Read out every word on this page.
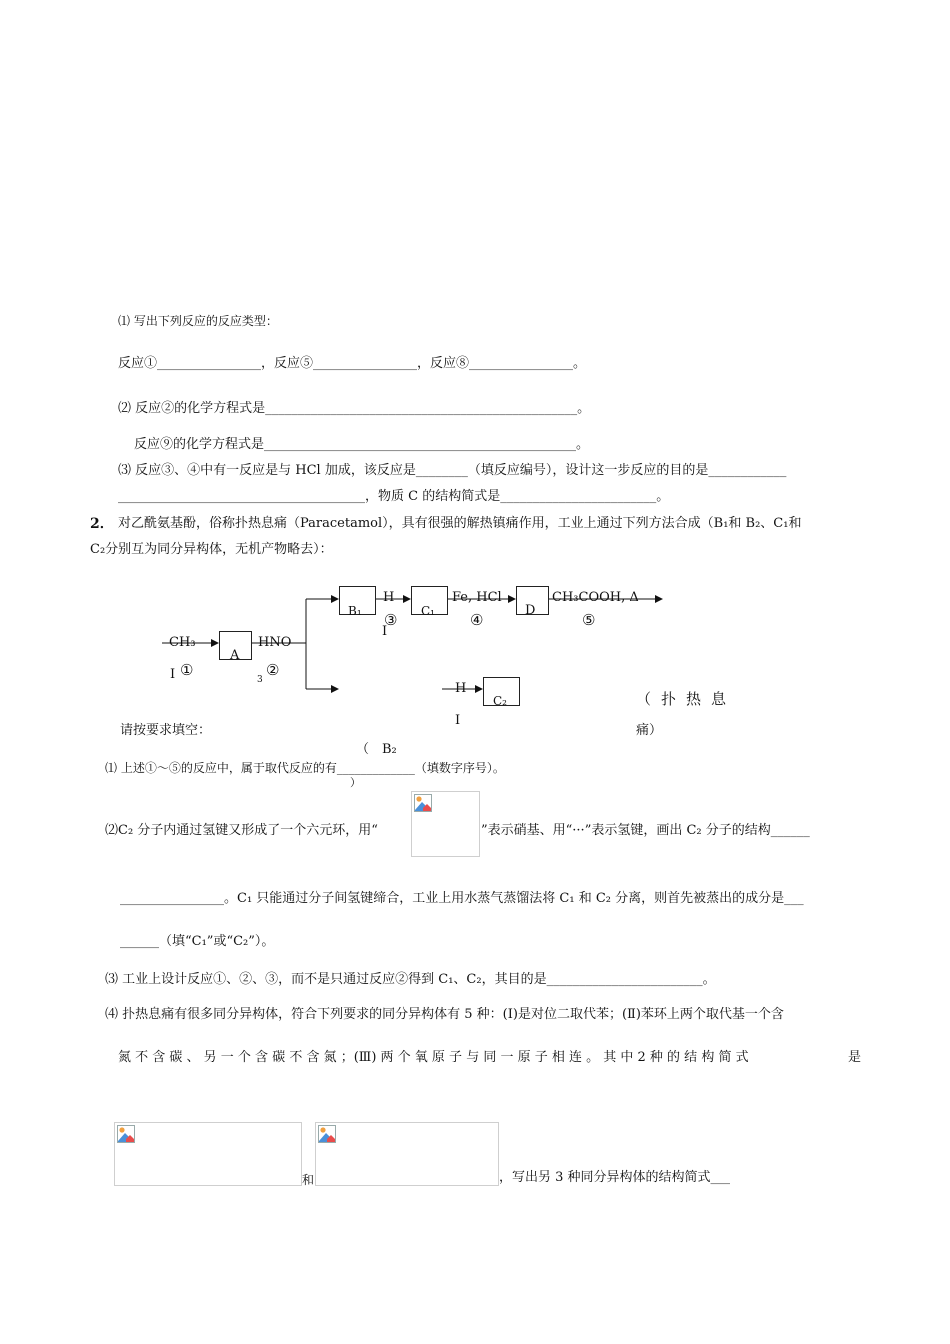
⑴ 写出下列反应的反应类型：
反应①________________，反应⑤________________，反应⑧________________。
⑵ 反应②的化学方程式是________________________________________________。
反应⑨的化学方程式是________________________________________________。
⑶ 反应③、④中有一反应是与 HCl 加成，该反应是________（填反应编号），设计这一步反应的目的是____________
______________________________________，物质 C 的结构简式是________________________。
2． 对乙酰氨基酚，俗称扑热息痛（Paracetamol），具有很强的解热镇痛作用，工业上通过下列方法合成（B₁和 B₂、C₁和
C₂分别互为同分异构体，无机产物略去）：
CH₃
I ①
A
HNO
3
②
B₁
H
③
I
C₁
Fe, HCl
④
D
CH₃COOH, Δ
⑤
H
I
C₂	（扑热息
痛）
（　B₂
）
请按要求填空：
⑴ 上述①～⑤的反应中，属于取代反应的有_____________（填数字序号）。
⑵C₂ 分子内通过氢键又形成了一个六元环，用“	”表示硝基、用“···”表示氢键，画出 C₂ 分子的结构______
________________。C₁ 只能通过分子间氢键缔合，工业上用水蒸气蒸馏法将 C₁ 和 C₂ 分离，则首先被蒸出的成分是___
______（填“C₁”或“C₂”）。
⑶ 工业上设计反应①、②、③，而不是只通过反应②得到 C₁、C₂，其目的是________________________。
⑷ 扑热息痛有很多同分异构体，符合下列要求的同分异构体有 5 种：(Ⅰ)是对位二取代苯；(Ⅱ)苯环上两个取代基一个含
氮 不 含 碳 、 另 一 个 含 碳 不 含 氮 ；(Ⅲ) 两 个 氧 原 子 与 同 一 原 子 相 连 。 其 中 2 种 的 结 构 简 式	是
和	，写出另 3 种同分异构体的结构简式___
